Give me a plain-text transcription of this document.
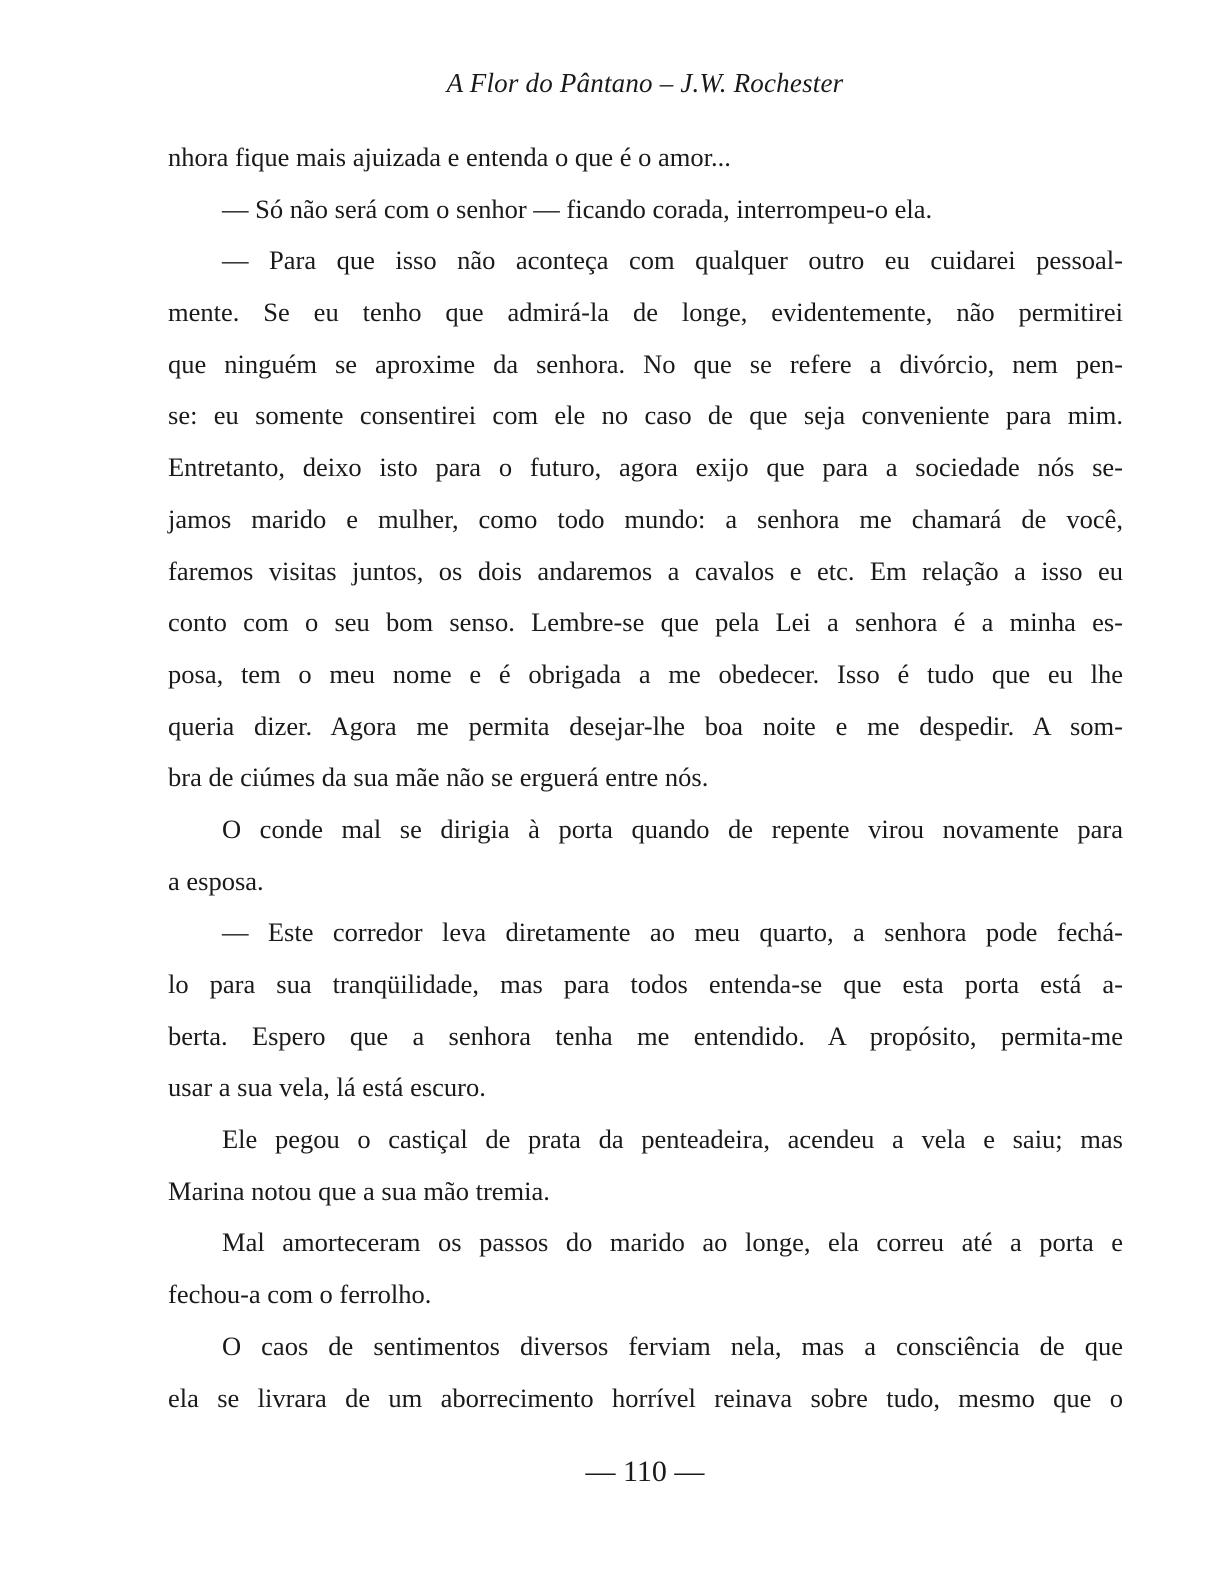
A Flor do Pântano – J.W. Rochester

nhora fique mais ajuizada e entenda o que é o amor...

— Só não será com o senhor — ficando corada, interrompeu-o ela.

— Para que isso não aconteça com qualquer outro eu cuidarei pessoal-
mente. Se eu tenho que admirá-la de longe, evidentemente, não permitirei
que ninguém se aproxime da senhora. No que se refere a divórcio, nem pen-
se: eu somente consentirei com ele no caso de que seja conveniente para mim.
Entretanto, deixo isto para o futuro, agora exijo que para a sociedade nós se-
jamos marido e mulher, como todo mundo: a senhora me chamará de você,
faremos visitas juntos, os dois andaremos a cavalos e etc. Em relação a isso eu
conto com o seu bom senso. Lembre-se que pela Lei a senhora é a minha es-
posa, tem o meu nome e é obrigada a me obedecer. Isso é tudo que eu lhe
queria dizer. Agora me permita desejar-lhe boa noite e me despedir. A som-
bra de ciúmes da sua mãe não se erguerá entre nós.

O conde mal se dirigia à porta quando de repente virou novamente para
a esposa.

— Este corredor leva diretamente ao meu quarto, a senhora pode fechá-
lo para sua tranqüilidade, mas para todos entenda-se que esta porta está a-
berta. Espero que a senhora tenha me entendido. A propósito, permita-me
usar a sua vela, lá está escuro.

Ele pegou o castiçal de prata da penteadeira, acendeu a vela e saiu; mas
Marina notou que a sua mão tremia.

Mal amorteceram os passos do marido ao longe, ela correu até a porta e
fechou-a com o ferrolho.

O caos de sentimentos diversos ferviam nela, mas a consciência de que
ela se livrara de um aborrecimento horrível reinava sobre tudo, mesmo que o

— 110 —
